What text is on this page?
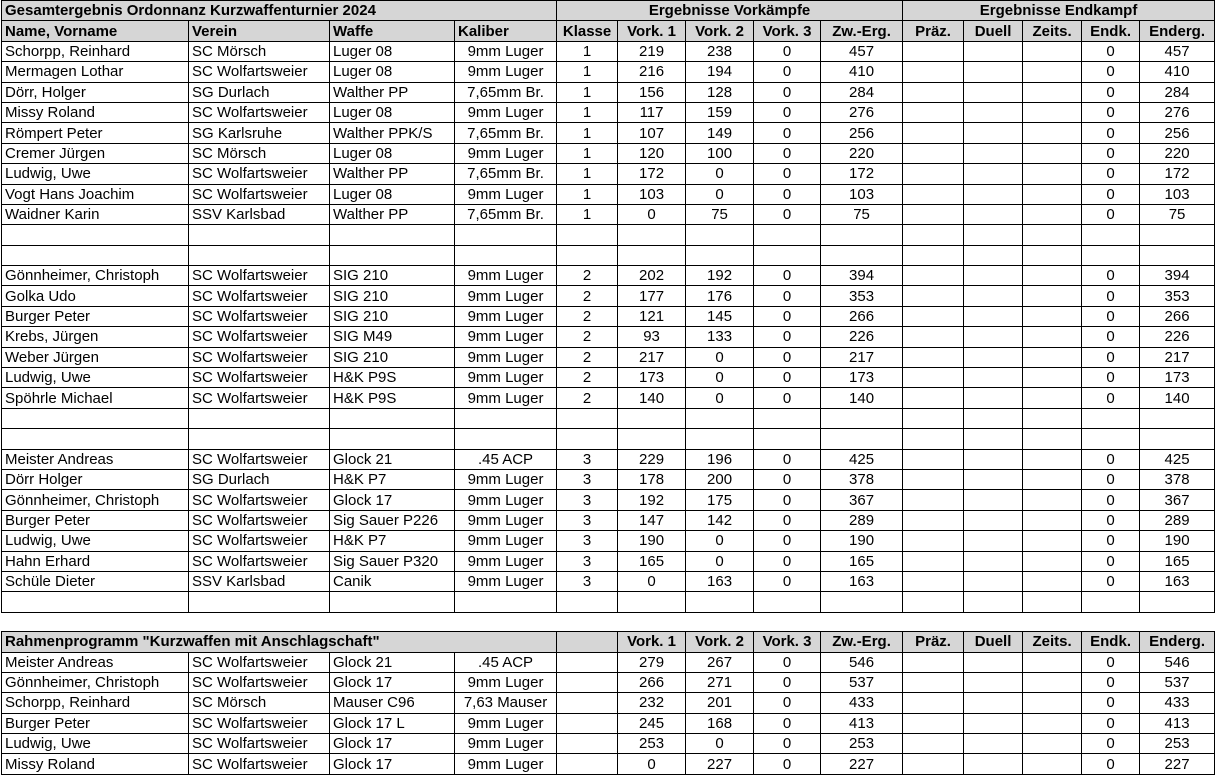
Gesamtergebnis Ordonnanz Kurzwaffenturnier 2024				Ergebnisse Vorkämpfe					Ergebnisse Endkampf				
Name, Vorname	Verein	Waffe	Kaliber	Klasse	Vork. 1	Vork. 2	Vork. 3	Zw.-Erg.	Präz.	Duell	Zeits.	Endk.	Enderg.
Schorpp, Reinhard	SC Mörsch	Luger 08	9mm Luger	1	219	238	0	457				0	457
Mermagen Lothar	SC Wolfartsweier	Luger 08	9mm Luger	1	216	194	0	410				0	410
Dörr, Holger	SG Durlach	Walther PP	7,65mm Br.	1	156	128	0	284				0	284
Missy Roland	SC Wolfartsweier	Luger 08	9mm Luger	1	117	159	0	276				0	276
Römpert Peter	SG Karlsruhe	Walther PPK/S	7,65mm Br.	1	107	149	0	256				0	256
Cremer Jürgen	SC Mörsch	Luger 08	9mm Luger	1	120	100	0	220				0	220
Ludwig, Uwe	SC Wolfartsweier	Walther PP	7,65mm Br.	1	172	0	0	172				0	172
Vogt Hans Joachim	SC Wolfartsweier	Luger 08	9mm Luger	1	103	0	0	103				0	103
Waidner Karin	SSV Karlsbad	Walther PP	7,65mm Br.	1	0	75	0	75				0	75

Gönnheimer, Christoph	SC Wolfartsweier	SIG 210	9mm Luger	2	202	192	0	394				0	394
Golka Udo	SC Wolfartsweier	SIG 210	9mm Luger	2	177	176	0	353				0	353
Burger Peter	SC Wolfartsweier	SIG 210	9mm Luger	2	121	145	0	266				0	266
Krebs, Jürgen	SC Wolfartsweier	SIG M49	9mm Luger	2	93	133	0	226				0	226
Weber Jürgen	SC Wolfartsweier	SIG 210	9mm Luger	2	217	0	0	217				0	217
Ludwig, Uwe	SC Wolfartsweier	H&K P9S	9mm Luger	2	173	0	0	173				0	173
Spöhrle Michael	SC Wolfartsweier	H&K P9S	9mm Luger	2	140	0	0	140				0	140

Meister Andreas	SC Wolfartsweier	Glock 21	.45 ACP	3	229	196	0	425				0	425
Dörr Holger	SG Durlach	H&K P7	9mm Luger	3	178	200	0	378				0	378
Gönnheimer, Christoph	SC Wolfartsweier	Glock 17	9mm Luger	3	192	175	0	367				0	367
Burger Peter	SC Wolfartsweier	Sig Sauer P226	9mm Luger	3	147	142	0	289				0	289
Ludwig, Uwe	SC Wolfartsweier	H&K P7	9mm Luger	3	190	0	0	190				0	190
Hahn Erhard	SC Wolfartsweier	Sig Sauer P320	9mm Luger	3	165	0	0	165				0	165
Schüle Dieter	SSV Karlsbad	Canik	9mm Luger	3	0	163	0	163				0	163

Rahmenprogramm "Kurzwaffen mit Anschlagschaft"					Vork. 1	Vork. 2	Vork. 3	Zw.-Erg.	Präz.	Duell	Zeits.	Endk.	Enderg.
Meister Andreas	SC Wolfartsweier	Glock 21	.45 ACP		279	267	0	546				0	546
Gönnheimer, Christoph	SC Wolfartsweier	Glock 17	9mm Luger		266	271	0	537				0	537
Schorpp, Reinhard	SC Mörsch	Mauser C96	7,63 Mauser		232	201	0	433				0	433
Burger Peter	SC Wolfartsweier	Glock 17 L	9mm Luger		245	168	0	413				0	413
Ludwig, Uwe	SC Wolfartsweier	Glock 17	9mm Luger		253	0	0	253				0	253
Missy Roland	SC Wolfartsweier	Glock 17	9mm Luger		0	227	0	227				0	227
